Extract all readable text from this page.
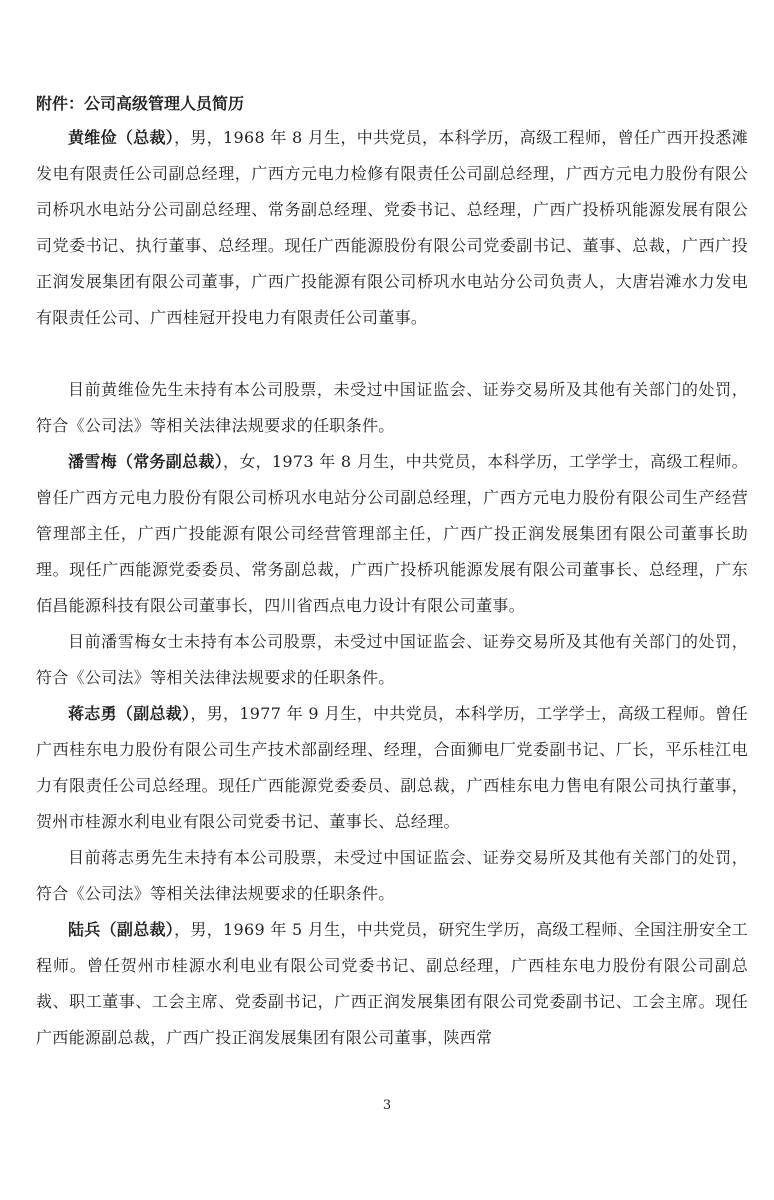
附件：公司高级管理人员简历

黄维俭（总裁），男，1968 年 8 月生，中共党员，本科学历，高级工程师，曾任广西开投悉滩发电有限责任公司副总经理，广西方元电力检修有限责任公司副总经理，广西方元电力股份有限公司桥巩水电站分公司副总经理、常务副总经理、党委书记、总经理，广西广投桥巩能源发展有限公司党委书记、执行董事、总经理。现任广西能源股份有限公司党委副书记、董事、总裁，广西广投正润发展集团有限公司董事，广西广投能源有限公司桥巩水电站分公司负责人，大唐岩滩水力发电有限责任公司、广西桂冠开投电力有限责任公司董事。

目前黄维俭先生未持有本公司股票，未受过中国证监会、证券交易所及其他有关部门的处罚，符合《公司法》等相关法律法规要求的任职条件。

潘雪梅（常务副总裁），女，1973 年 8 月生，中共党员，本科学历，工学学士，高级工程师。曾任广西方元电力股份有限公司桥巩水电站分公司副总经理，广西方元电力股份有限公司生产经营管理部主任，广西广投能源有限公司经营管理部主任，广西广投正润发展集团有限公司董事长助理。现任广西能源党委委员、常务副总裁，广西广投桥巩能源发展有限公司董事长、总经理，广东佰昌能源科技有限公司董事长，四川省西点电力设计有限公司董事。

目前潘雪梅女士未持有本公司股票，未受过中国证监会、证券交易所及其他有关部门的处罚，符合《公司法》等相关法律法规要求的任职条件。

蒋志勇（副总裁），男，1977 年 9 月生，中共党员，本科学历，工学学士，高级工程师。曾任广西桂东电力股份有限公司生产技术部副经理、经理，合面狮电厂党委副书记、厂长，平乐桂江电力有限责任公司总经理。现任广西能源党委委员、副总裁，广西桂东电力售电有限公司执行董事，贺州市桂源水利电业有限公司党委书记、董事长、总经理。

目前蒋志勇先生未持有本公司股票，未受过中国证监会、证券交易所及其他有关部门的处罚，符合《公司法》等相关法律法规要求的任职条件。

陆兵（副总裁），男，1969 年 5 月生，中共党员，研究生学历，高级工程师、全国注册安全工程师。曾任贺州市桂源水利电业有限公司党委书记、副总经理，广西桂东电力股份有限公司副总裁、职工董事、工会主席、党委副书记，广西正润发展集团有限公司党委副书记、工会主席。现任广西能源副总裁，广西广投正润发展集团有限公司董事，陕西常

3
